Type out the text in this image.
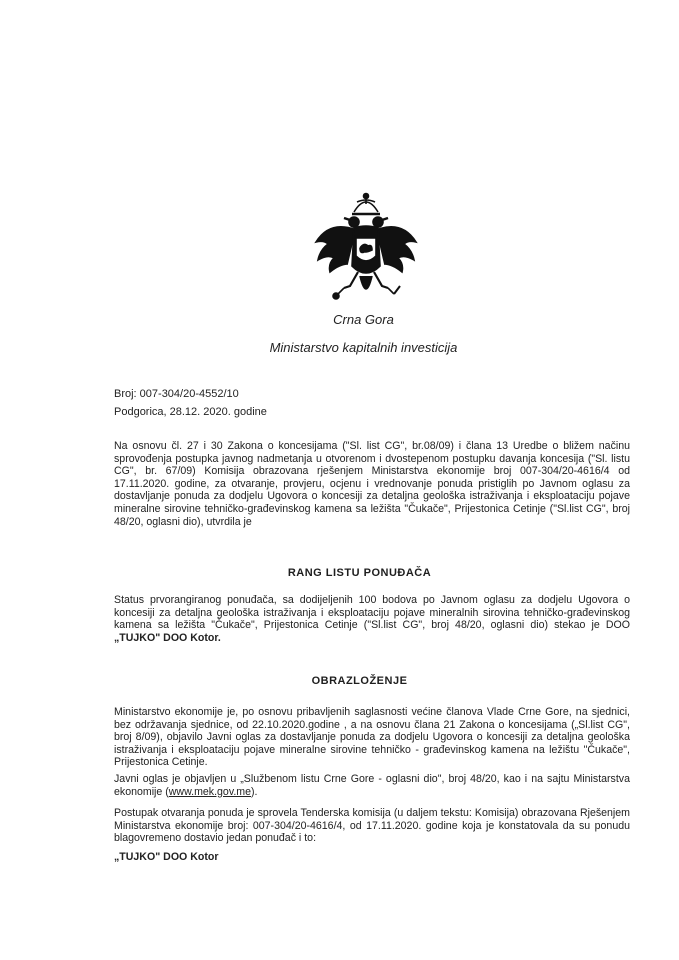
Crna Gora
Ministarstvo kapitalnih investicija
Broj: 007-304/20-4552/10
Podgorica, 28.12. 2020. godine
Na osnovu čl. 27 i 30 Zakona o koncesijama ("Sl. list CG", br.08/09) i člana 13 Uredbe o bližem načinu sprovođenja postupka javnog nadmetanja u otvorenom i dvostepenom postupku davanja koncesija ("Sl. listu CG", br. 67/09) Komisija obrazovana rješenjem Ministarstva ekonomije broj 007-304/20-4616/4 od 17.11.2020. godine, za otvaranje, provjeru, ocjenu i vrednovanje ponuda pristiglih po Javnom oglasu za dostavljanje ponuda za dodjelu Ugovora o koncesiji za detaljna geološka istraživanja i eksploataciju pojave mineralne sirovine tehničko-građevinskog kamena sa ležišta "Čukače", Prijestonica Cetinje ("Sl.list CG", broj 48/20, oglasni dio), utvrdila je
RANG LISTU PONUĐAČA
Status prvorangiranog ponuđača, sa dodijeljenih 100 bodova po Javnom oglasu za dodjelu Ugovora o koncesiji za detaljna geološka istraživanja i eksploataciju pojave mineralnih sirovina tehničko-građevinskog kamena sa ležišta "Čukače", Prijestonica Cetinje ("Sl.list CG", broj 48/20, oglasni dio) stekao je DOO „TUJKO" DOO Kotor.
OBRAZLOŽENJE
Ministarstvo ekonomije je, po osnovu pribavljenih saglasnosti većine članova Vlade Crne Gore, na sjednici, bez održavanja sjednice, od 22.10.2020.godine , a na osnovu člana 21 Zakona o koncesijama („Sl.list CG", broj 8/09), objavilo Javni oglas za dostavljanje ponuda za dodjelu Ugovora o koncesiji za detaljna geološka istraživanja i eksploataciju pojave mineralne sirovine tehničko - građevinskog kamena na ležištu "Čukače", Prijestonica Cetinje.
Javni oglas je objavljen u „Službenom listu Crne Gore - oglasni dio", broj 48/20, kao i na sajtu Ministarstva ekonomije (www.mek.gov.me).
Postupak otvaranja ponuda je sprovela Tenderska komisija (u daljem tekstu: Komisija) obrazovana Rješenjem Ministarstva ekonomije broj: 007-304/20-4616/4, od 17.11.2020. godine koja je konstatovala da su ponudu blagovremeno dostavio jedan ponuđač i to:
„TUJKO" DOO Kotor
